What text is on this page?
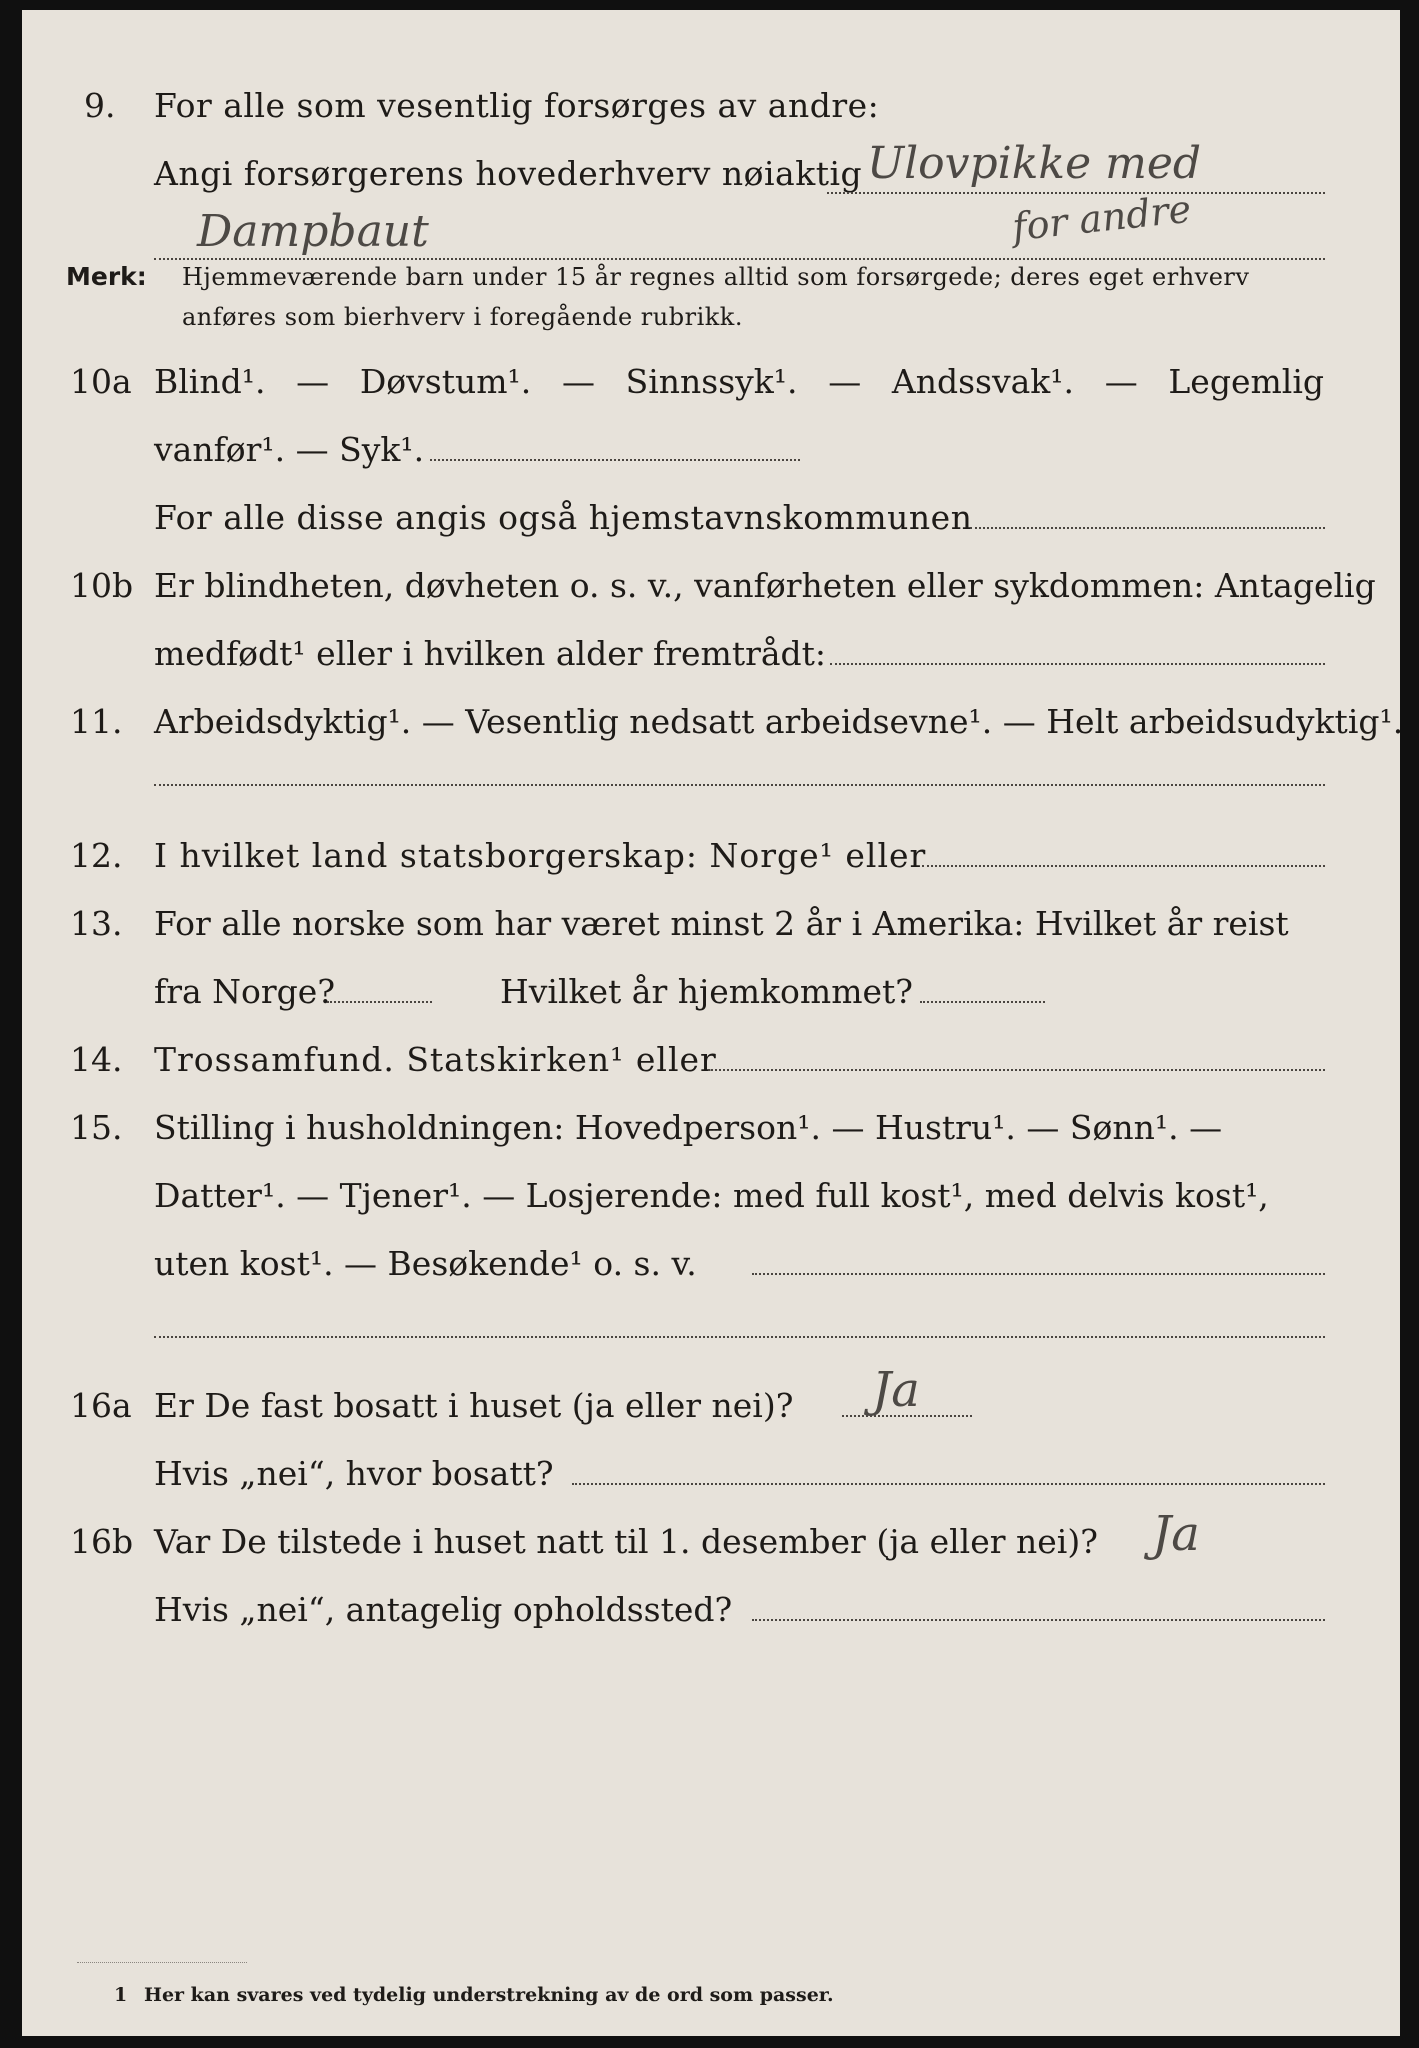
9. For alle som vesentlig forsørges av andre:
Angi forsørgerens hovederhverv nøiaktig Ulovpikke med
Dampbaut	for andre
Merk: Hjemmeværende barn under 15 år regnes alltid som forsørgede; deres eget erhverv
anføres som bierhverv i foregående rubrikk.
10a Blind¹. — Døvstum¹. — Sinnssyk¹. — Andssvak¹. — Legemlig
vanfør¹. — Syk¹.
For alle disse angis også hjemstavnskommunen
10b Er blindheten, døvheten o. s. v., vanførheten eller sykdommen: Antagelig
medfødt¹ eller i hvilken alder fremtrådt:
11. Arbeidsdyktig¹. — Vesentlig nedsatt arbeidsevne¹. — Helt arbeidsudyktig¹.
12. I hvilket land statsborgerskap: Norge¹ eller
13. For alle norske som har været minst 2 år i Amerika: Hvilket år reist
fra Norge?	Hvilket år hjemkommet?
14. Trossamfund. Statskirken¹ eller
15. Stilling i husholdningen: Hovedperson¹. — Hustru¹. — Sønn¹. —
Datter¹. — Tjener¹. — Losjerende: med full kost¹, med delvis kost¹,
uten kost¹. — Besøkende¹ o. s. v.
16a Er De fast bosatt i huset (ja eller nei)? Ja
Hvis „nei“, hvor bosatt?
16b Var De tilstede i huset natt til 1. desember (ja eller nei)? Ja
Hvis „nei“, antagelig opholdssted?
1 Her kan svares ved tydelig understrekning av de ord som passer.
